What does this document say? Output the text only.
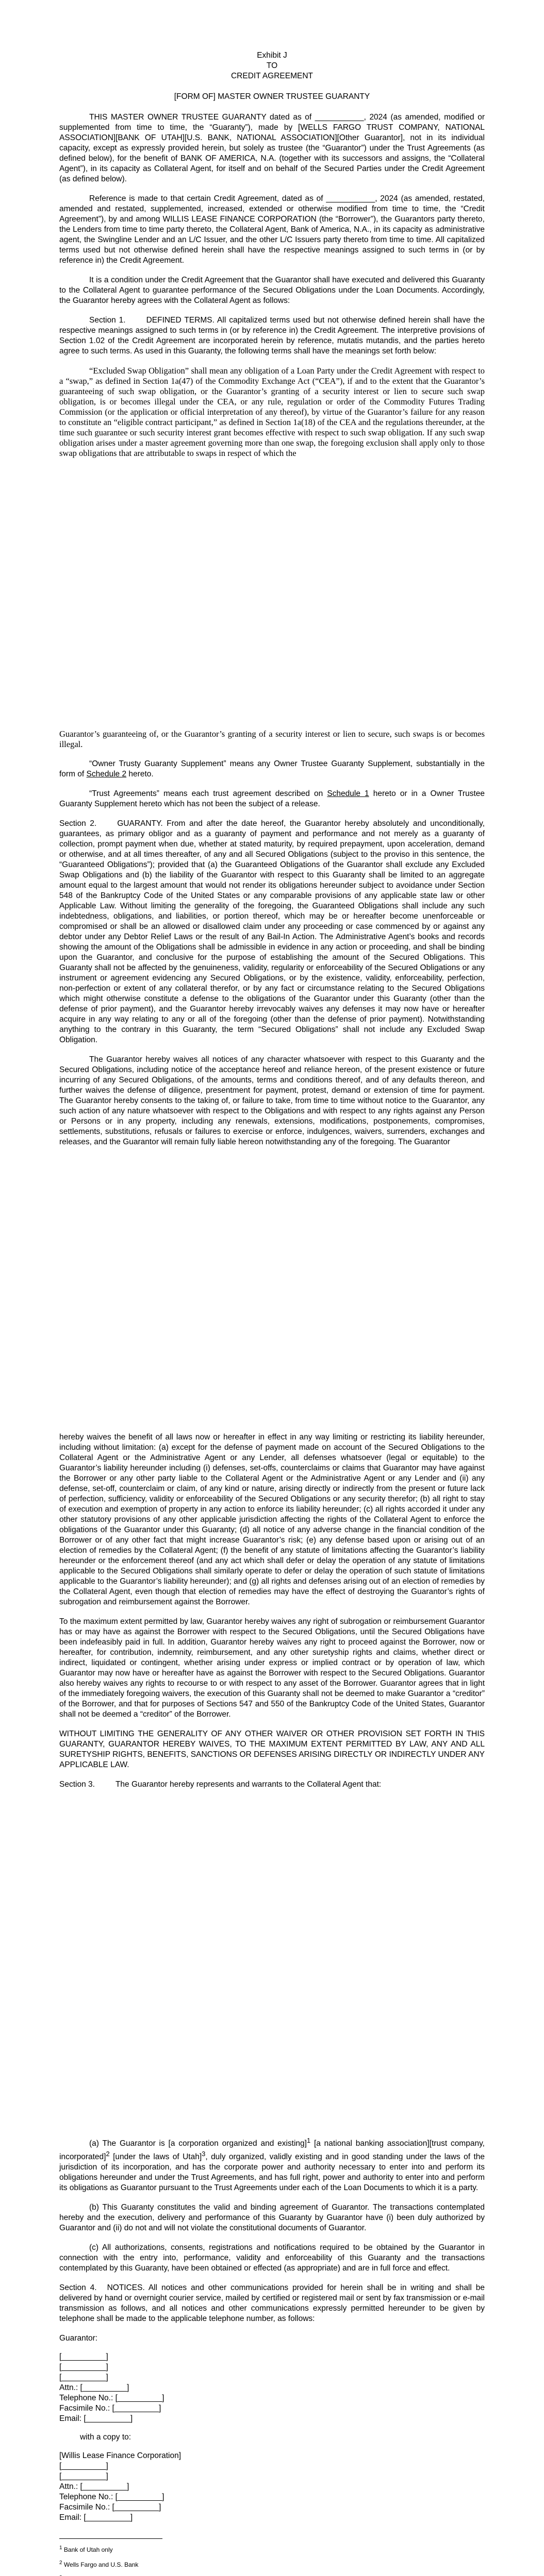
Exhibit J
TO
CREDIT AGREEMENT
[FORM OF] MASTER OWNER TRUSTEE GUARANTY

THIS MASTER OWNER TRUSTEE GUARANTY dated as of ___________, 2024 (as amended, modified or supplemented from time to time, the “Guaranty”), made by [WELLS FARGO TRUST COMPANY, NATIONAL ASSOCIATION][BANK OF UTAH][U.S. BANK, NATIONAL ASSOCIATION][Other Guarantor], not in its individual capacity, except as expressly provided herein, but solely as trustee (the “Guarantor”) under the Trust Agreements (as defined below), for the benefit of BANK OF AMERICA, N.A. (together with its successors and assigns, the “Collateral Agent”), in its capacity as Collateral Agent, for itself and on behalf of the Secured Parties under the Credit Agreement (as defined below).

Reference is made to that certain Credit Agreement, dated as of ___________, 2024 (as amended, restated, amended and restated, supplemented, increased, extended or otherwise modified from time to time, the “Credit Agreement”), by and among WILLIS LEASE FINANCE CORPORATION (the “Borrower”), the Guarantors party thereto, the Lenders from time to time party thereto, the Collateral Agent, Bank of America, N.A., in its capacity as administrative agent, the Swingline Lender and an L/C Issuer, and the other L/C Issuers party thereto from time to time. All capitalized terms used but not otherwise defined herein shall have the respective meanings assigned to such terms in (or by reference in) the Credit Agreement.

It is a condition under the Credit Agreement that the Guarantor shall have executed and delivered this Guaranty to the Collateral Agent to guarantee performance of the Secured Obligations under the Loan Documents. Accordingly, the Guarantor hereby agrees with the Collateral Agent as follows:

Section 1.	DEFINED TERMS. All capitalized terms used but not otherwise defined herein shall have the respective meanings assigned to such terms in (or by reference in) the Credit Agreement. The interpretive provisions of Section 1.02 of the Credit Agreement are incorporated herein by reference, mutatis mutandis, and the parties hereto agree to such terms. As used in this Guaranty, the following terms shall have the meanings set forth below:

“Excluded Swap Obligation” shall mean any obligation of a Loan Party under the Credit Agreement with respect to a “swap,” as defined in Section 1a(47) of the Commodity Exchange Act (“CEA”), if and to the extent that the Guarantor’s guaranteeing of such swap obligation, or the Guarantor’s granting of a security interest or lien to secure such swap obligation, is or becomes illegal under the CEA, or any rule, regulation or order of the Commodity Futures Trading Commission (or the application or official interpretation of any thereof), by virtue of the Guarantor’s failure for any reason to constitute an “eligible contract participant,” as defined in Section 1a(18) of the CEA and the regulations thereunder, at the time such guarantee or such security interest grant becomes effective with respect to such swap obligation. If any such swap obligation arises under a master agreement governing more than one swap, the foregoing exclusion shall apply only to those swap obligations that are attributable to swaps in respect of which the

Guarantor’s guaranteeing of, or the Guarantor’s granting of a security interest or lien to secure, such swaps is or becomes illegal.

“Owner Trusty Guaranty Supplement” means any Owner Trustee Guaranty Supplement, substantially in the form of Schedule 2 hereto.

“Trust Agreements” means each trust agreement described on Schedule 1 hereto or in a Owner Trustee Guaranty Supplement hereto which has not been the subject of a release.

Section 2.	GUARANTY. From and after the date hereof, the Guarantor hereby absolutely and unconditionally, guarantees, as primary obligor and as a guaranty of payment and performance and not merely as a guaranty of collection, prompt payment when due, whether at stated maturity, by required prepayment, upon acceleration, demand or otherwise, and at all times thereafter, of any and all Secured Obligations (subject to the proviso in this sentence, the “Guaranteed Obligations”); provided that (a) the Guaranteed Obligations of the Guarantor shall exclude any Excluded Swap Obligations and (b) the liability of the Guarantor with respect to this Guaranty shall be limited to an aggregate amount equal to the largest amount that would not render its obligations hereunder subject to avoidance under Section 548 of the Bankruptcy Code of the United States or any comparable provisions of any applicable state law or other Applicable Law. Without limiting the generality of the foregoing, the Guaranteed Obligations shall include any such indebtedness, obligations, and liabilities, or portion thereof, which may be or hereafter become unenforceable or compromised or shall be an allowed or disallowed claim under any proceeding or case commenced by or against any debtor under any Debtor Relief Laws or the result of any Bail-In Action. The Administrative Agent’s books and records showing the amount of the Obligations shall be admissible in evidence in any action or proceeding, and shall be binding upon the Guarantor, and conclusive for the purpose of establishing the amount of the Secured Obligations. This Guaranty shall not be affected by the genuineness, validity, regularity or enforceability of the Secured Obligations or any instrument or agreement evidencing any Secured Obligations, or by the existence, validity, enforceability, perfection, non-perfection or extent of any collateral therefor, or by any fact or circumstance relating to the Secured Obligations which might otherwise constitute a defense to the obligations of the Guarantor under this Guaranty (other than the defense of prior payment), and the Guarantor hereby irrevocably waives any defenses it may now have or hereafter acquire in any way relating to any or all of the foregoing (other than the defense of prior payment). Notwithstanding anything to the contrary in this Guaranty, the term “Secured Obligations” shall not include any Excluded Swap Obligation.

The Guarantor hereby waives all notices of any character whatsoever with respect to this Guaranty and the Secured Obligations, including notice of the acceptance hereof and reliance hereon, of the present existence or future incurring of any Secured Obligations, of the amounts, terms and conditions thereof, and of any defaults thereon, and further waives the defense of diligence, presentment for payment, protest, demand or extension of time for payment. The Guarantor hereby consents to the taking of, or failure to take, from time to time without notice to the Guarantor, any such action of any nature whatsoever with respect to the Obligations and with respect to any rights against any Person or Persons or in any property, including any renewals, extensions, modifications, postponements, compromises, settlements, substitutions, refusals or failures to exercise or enforce, indulgences, waivers, surrenders, exchanges and releases, and the Guarantor will remain fully liable hereon notwithstanding any of the foregoing. The Guarantor

hereby waives the benefit of all laws now or hereafter in effect in any way limiting or restricting its liability hereunder, including without limitation: (a) except for the defense of payment made on account of the Secured Obligations to the Collateral Agent or the Administrative Agent or any Lender, all defenses whatsoever (legal or equitable) to the Guarantor’s liability hereunder including (i) defenses, set-offs, counterclaims or claims that Guarantor may have against the Borrower or any other party liable to the Collateral Agent or the Administrative Agent or any Lender and (ii) any defense, set-off, counterclaim or claim, of any kind or nature, arising directly or indirectly from the present or future lack of perfection, sufficiency, validity or enforceability of the Secured Obligations or any security therefor; (b) all right to stay of execution and exemption of property in any action to enforce its liability hereunder; (c) all rights accorded it under any other statutory provisions of any other applicable jurisdiction affecting the rights of the Collateral Agent to enforce the obligations of the Guarantor under this Guaranty; (d) all notice of any adverse change in the financial condition of the Borrower or of any other fact that might increase Guarantor’s risk; (e) any defense based upon or arising out of an election of remedies by the Collateral Agent; (f) the benefit of any statute of limitations affecting the Guarantor’s liability hereunder or the enforcement thereof (and any act which shall defer or delay the operation of any statute of limitations applicable to the Secured Obligations shall similarly operate to defer or delay the operation of such statute of limitations applicable to the Guarantor’s liability hereunder); and (g) all rights and defenses arising out of an election of remedies by the Collateral Agent, even though that election of remedies may have the effect of destroying the Guarantor’s rights of subrogation and reimbursement against the Borrower.

To the maximum extent permitted by law, Guarantor hereby waives any right of subrogation or reimbursement Guarantor has or may have as against the Borrower with respect to the Secured Obligations, until the Secured Obligations have been indefeasibly paid in full. In addition, Guarantor hereby waives any right to proceed against the Borrower, now or hereafter, for contribution, indemnity, reimbursement, and any other suretyship rights and claims, whether direct or indirect, liquidated or contingent, whether arising under express or implied contract or by operation of law, which Guarantor may now have or hereafter have as against the Borrower with respect to the Secured Obligations. Guarantor also hereby waives any rights to recourse to or with respect to any asset of the Borrower. Guarantor agrees that in light of the immediately foregoing waivers, the execution of this Guaranty shall not be deemed to make Guarantor a “creditor” of the Borrower, and that for purposes of Sections 547 and 550 of the Bankruptcy Code of the United States, Guarantor shall not be deemed a “creditor” of the Borrower.

WITHOUT LIMITING THE GENERALITY OF ANY OTHER WAIVER OR OTHER PROVISION SET FORTH IN THIS GUARANTY, GUARANTOR HEREBY WAIVES, TO THE MAXIMUM EXTENT PERMITTED BY LAW, ANY AND ALL SURETYSHIP RIGHTS, BENEFITS, SANCTIONS OR DEFENSES ARISING DIRECTLY OR INDIRECTLY UNDER ANY APPLICABLE LAW.

Section 3.	The Guarantor hereby represents and warrants to the Collateral Agent that:

(a) The Guarantor is [a corporation organized and existing]$^1$ [a national banking association][trust company, incorporated]$^2$ [under the laws of Utah]$^3$, duly organized, validly existing and in good standing under the laws of the jurisdiction of its incorporation, and has the corporate power and authority necessary to enter into and perform its obligations hereunder and under the Trust Agreements, and has full right, power and authority to enter into and perform its obligations as Guarantor pursuant to the Trust Agreements under each of the Loan Documents to which it is a party.

(b) This Guaranty constitutes the valid and binding agreement of Guarantor. The transactions contemplated hereby and the execution, delivery and performance of this Guaranty by Guarantor have (i) been duly authorized by Guarantor and (ii) do not and will not violate the constitutional documents of Guarantor.

(c) All authorizations, consents, registrations and notifications required to be obtained by the Guarantor in connection with the entry into, performance, validity and enforceability of this Guaranty and the transactions contemplated by this Guaranty, have been obtained or effected (as appropriate) and are in full force and effect.

Section 4. NOTICES. All notices and other communications provided for herein shall be in writing and shall be delivered by hand or overnight courier service, mailed by certified or registered mail or sent by fax transmission or e-mail transmission as follows, and all notices and other communications expressly permitted hereunder to be given by telephone shall be made to the applicable telephone number, as follows:

Guarantor:
[__________]
[__________]
[__________]
Attn.: [__________]
Telephone No.: [__________]
Facsimile No.: [__________]
Email: [__________]
with a copy to:
[Willis Lease Finance Corporation]
[__________]
[__________]
Attn.: [__________]
Telephone No.: [__________]
Facsimile No.: [__________]
Email: [__________]
$^1$ Bank of Utah only
$^2$ Wells Fargo and U.S. Bank
